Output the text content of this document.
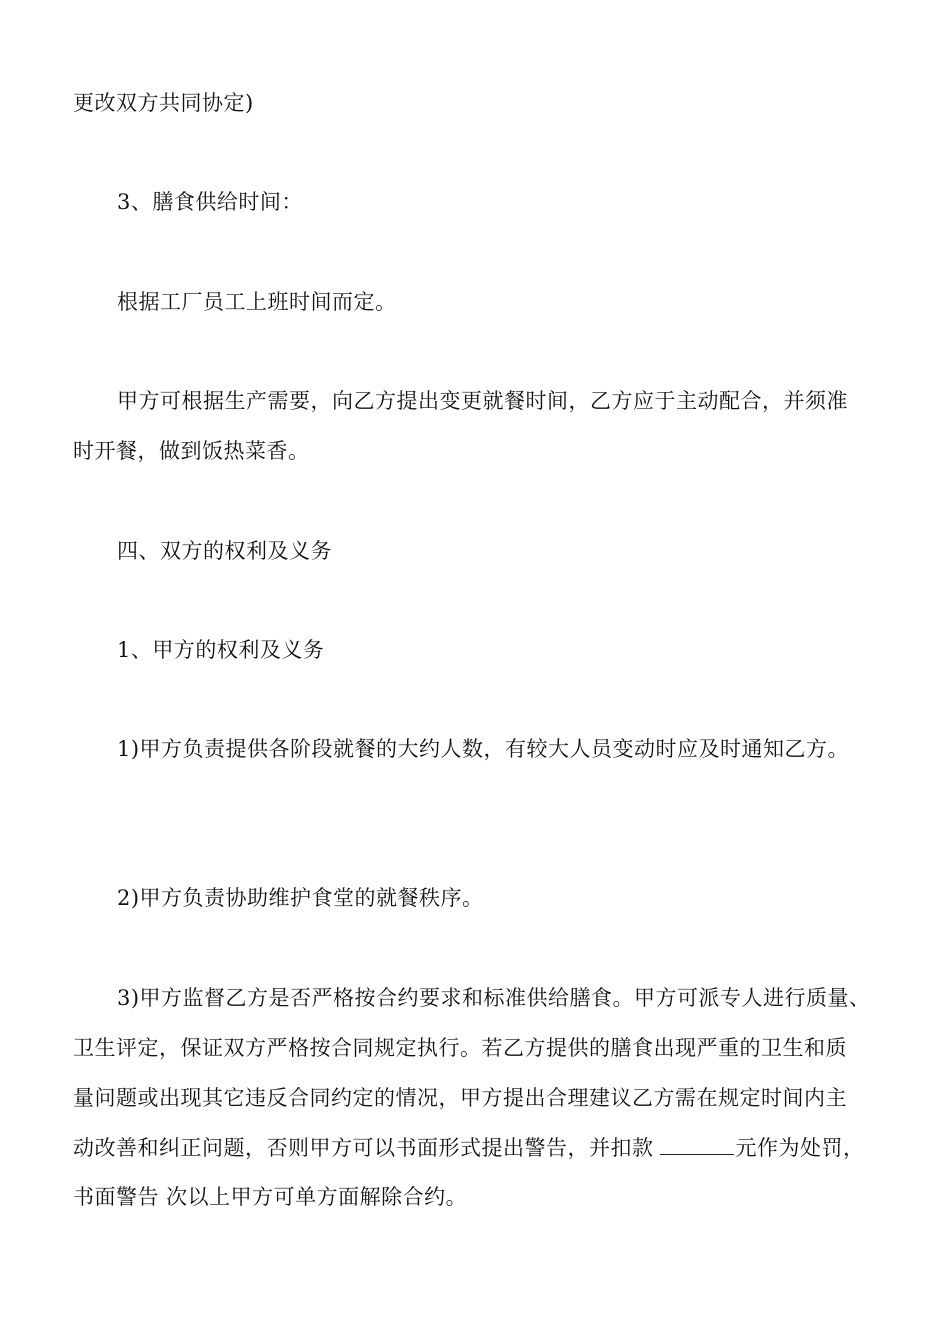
更改双方共同协定)
3、膳食供给时间：
根据工厂员工上班时间而定。
甲方可根据生产需要，向乙方提出变更就餐时间，乙方应于主动配合，并须准
时开餐，做到饭热菜香。
四、双方的权利及义务
1、甲方的权利及义务
1)甲方负责提供各阶段就餐的大约人数，有较大人员变动时应及时通知乙方。
2)甲方负责协助维护食堂的就餐秩序。
3)甲方监督乙方是否严格按合约要求和标准供给膳食。甲方可派专人进行质量、
卫生评定，保证双方严格按合同规定执行。若乙方提供的膳食出现严重的卫生和质
量问题或出现其它违反合同约定的情况，甲方提出合理建议乙方需在规定时间内主
动改善和纠正问题，否则甲方可以书面形式提出警告，并扣款	元作为处罚，
书面警告 次以上甲方可单方面解除合约。
